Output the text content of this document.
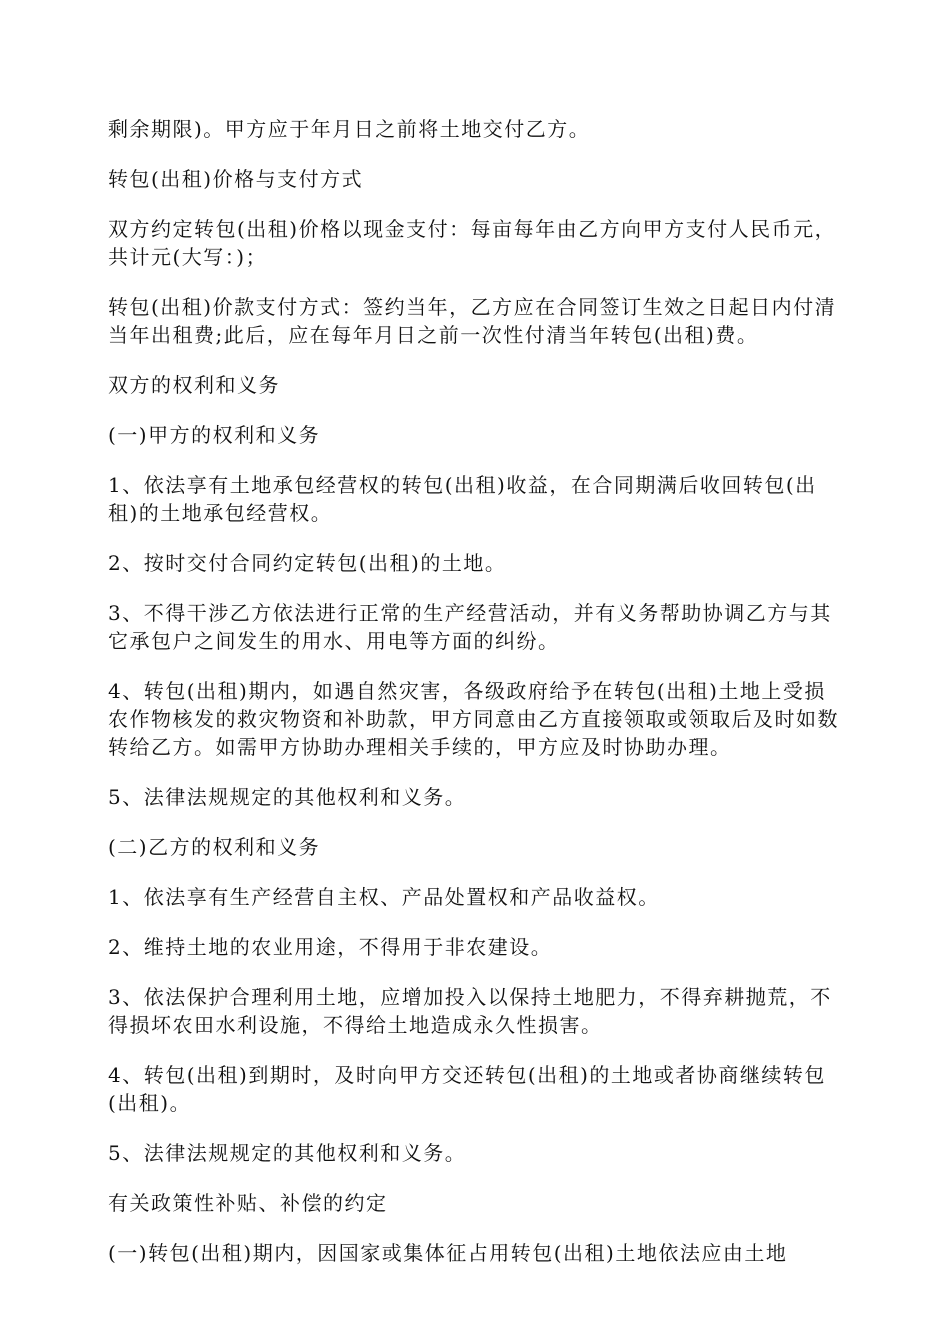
剩余期限)。甲方应于年月日之前将土地交付乙方。

转包(出租)价格与支付方式

双方约定转包(出租)价格以现金支付：每亩每年由乙方向甲方支付人民币元，共计元(大写：)；

转包(出租)价款支付方式：签约当年，乙方应在合同签订生效之日起日内付清当年出租费;此后，应在每年月日之前一次性付清当年转包(出租)费。

双方的权利和义务

(一)甲方的权利和义务

1、依法享有土地承包经营权的转包(出租)收益，在合同期满后收回转包(出租)的土地承包经营权。

2、按时交付合同约定转包(出租)的土地。

3、不得干涉乙方依法进行正常的生产经营活动，并有义务帮助协调乙方与其它承包户之间发生的用水、用电等方面的纠纷。

4、转包(出租)期内，如遇自然灾害，各级政府给予在转包(出租)土地上受损农作物核发的救灾物资和补助款，甲方同意由乙方直接领取或领取后及时如数转给乙方。如需甲方协助办理相关手续的，甲方应及时协助办理。

5、法律法规规定的其他权利和义务。

(二)乙方的权利和义务

1、依法享有生产经营自主权、产品处置权和产品收益权。

2、维持土地的农业用途，不得用于非农建设。

3、依法保护合理利用土地，应增加投入以保持土地肥力，不得弃耕抛荒，不得损坏农田水利设施，不得给土地造成永久性损害。

4、转包(出租)到期时，及时向甲方交还转包(出租)的土地或者协商继续转包(出租)。

5、法律法规规定的其他权利和义务。

有关政策性补贴、补偿的约定

(一)转包(出租)期内，因国家或集体征占用转包(出租)土地依法应由土地
